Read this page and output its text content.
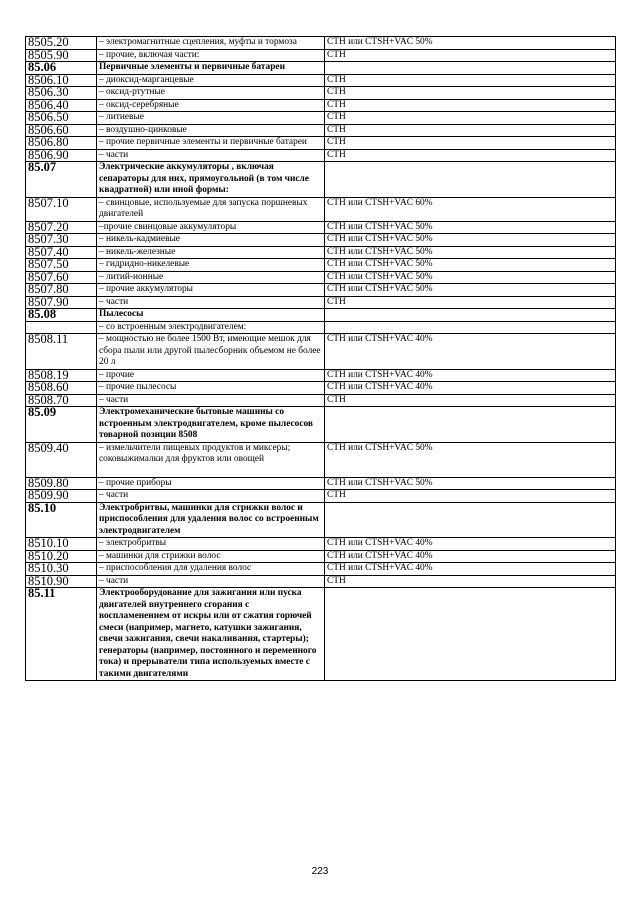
8505.20	– электромагнитные сцепления, муфты и тормоза	CTH или CTSH+VAC 50%
8505.90	– прочие, включая части:	CTH
85.06	Первичные элементы и первичные батареи	
8506.10	– диоксид-марганцевые	CTH
8506.30	– оксид-ртутные	CTH
8506.40	– оксид-серебряные	CTH
8506.50	– литиевые	CTH
8506.60	– воздушно-цинковые	CTH
8506.80	– прочие первичные элементы и первичные батареи	CTH
8506.90	– части	CTH
85.07	Электрические аккумуляторы , включая сепараторы для них, прямоугольной (в том числе квадратной) или иной формы:	
8507.10	– свинцовые, используемые для запуска поршневых двигателей	CTH или CTSH+VAC 60%
8507.20	–прочие свинцовые аккумуляторы	CTH или CTSH+VAC 50%
8507.30	– никель-кадмиевые	CTH или CTSH+VAC 50%
8507.40	– никель-железные	CTH или CTSH+VAC 50%
8507.50	– гидридно-никелевые	CTH или CTSH+VAC 50%
8507.60	– литий-ионные	CTH или CTSH+VAC 50%
8507.80	– прочие аккумуляторы	CTH или CTSH+VAC 50%
8507.90	– части	CTH
85.08	Пылесосы	
	– со встроенным электродвигателем:	
8508.11	– мощностью не более 1500 Вт, имеющие мешок для сбора пыли или другой пылесборник объемом не более 20 л	CTH или CTSH+VAC 40%
8508.19	– прочие	CTH или CTSH+VAC 40%
8508.60	– прочие пылесосы	CTH или CTSH+VAC 40%
8508.70	– части	CTH
85.09	Электромеханические бытовые машины со встроенным электродвигателем, кроме пылесосов товарной позиции 8508	
8509.40	– измельчители пищевых продуктов и миксеры; соковыжималки для фруктов или овощей	CTH или CTSH+VAC 50%
8509.80	– прочие приборы	CTH или CTSH+VAC 50%
8509.90	– части	CTH
85.10	Электробритвы, машинки для стрижки волос и приспособления для удаления волос со встроенным электродвигателем	
8510.10	– электробритвы	CTH или CTSH+VAC 40%
8510.20	– машинки для стрижки волос	CTH или CTSH+VAC 40%
8510.30	– приспособления для удаления волос	CTH или CTSH+VAC 40%
8510.90	– части	CTH
85.11	Электрооборудование для зажигания или пуска двигателей внутреннего сгорания с воспламенением от искры или от сжатия горючей смеси (например, магнето, катушки зажигания, свечи зажигания, свечи накаливания, стартеры); генераторы (например, постоянного и переменного тока) и прерыватели типа используемых вместе с такими двигателями	
223
